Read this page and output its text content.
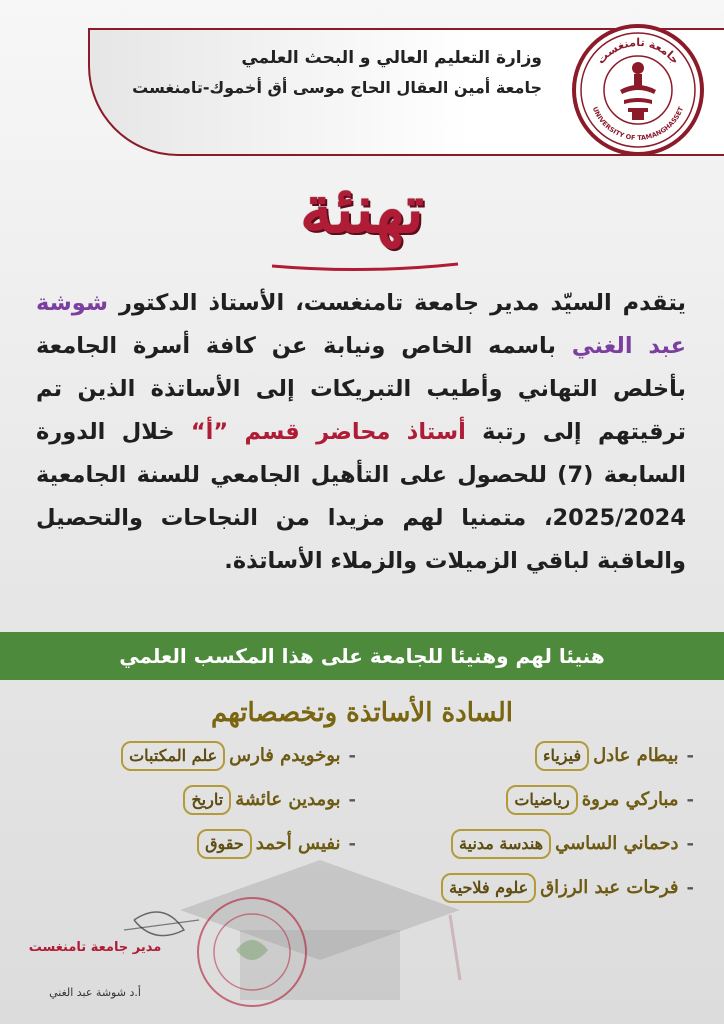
جامعة تامنغست
UNIVERSITY OF TAMANGHASSET

وزارة التعليم العالي و البحث العلمي

جامعة أمين العقال الحاج موسى أق أخموك-تامنغست

تهنئة
يتقدم السيّد مدير جامعة تامنغست، الأستاذ الدكتور شوشة عبد الغني باسمه الخاص ونيابة عن كافة أسرة الجامعة بأخلص التهاني وأطيب التبريكات إلى الأساتذة الذين تم ترقيتهم إلى رتبة أستاذ محاضر قسم ”أ“ خلال الدورة السابعة (7) للحصول على التأهيل الجامعي للسنة الجامعية 2025/2024، متمنيا لهم مزيدا من النجاحات والتحصيل والعاقبة لباقي الزميلات والزملاء الأساتذة.
هنيئا لهم وهنيئا للجامعة على هذا المكسب العلمي
السادة الأساتذة وتخصصاتهم
-بيطام عادلفيزياء
-مباركي مروةرياضيات
-دحماني الساسيهندسة مدنية
-فرحات عبد الرزاقعلوم فلاحية
-بوخويدم فارسعلم المكتبات
-بومدين عائشةتاريخ
-نفيس أحمدحقوق
مدير جامعة تامنغست
أ.د شوشة عبد الغني
